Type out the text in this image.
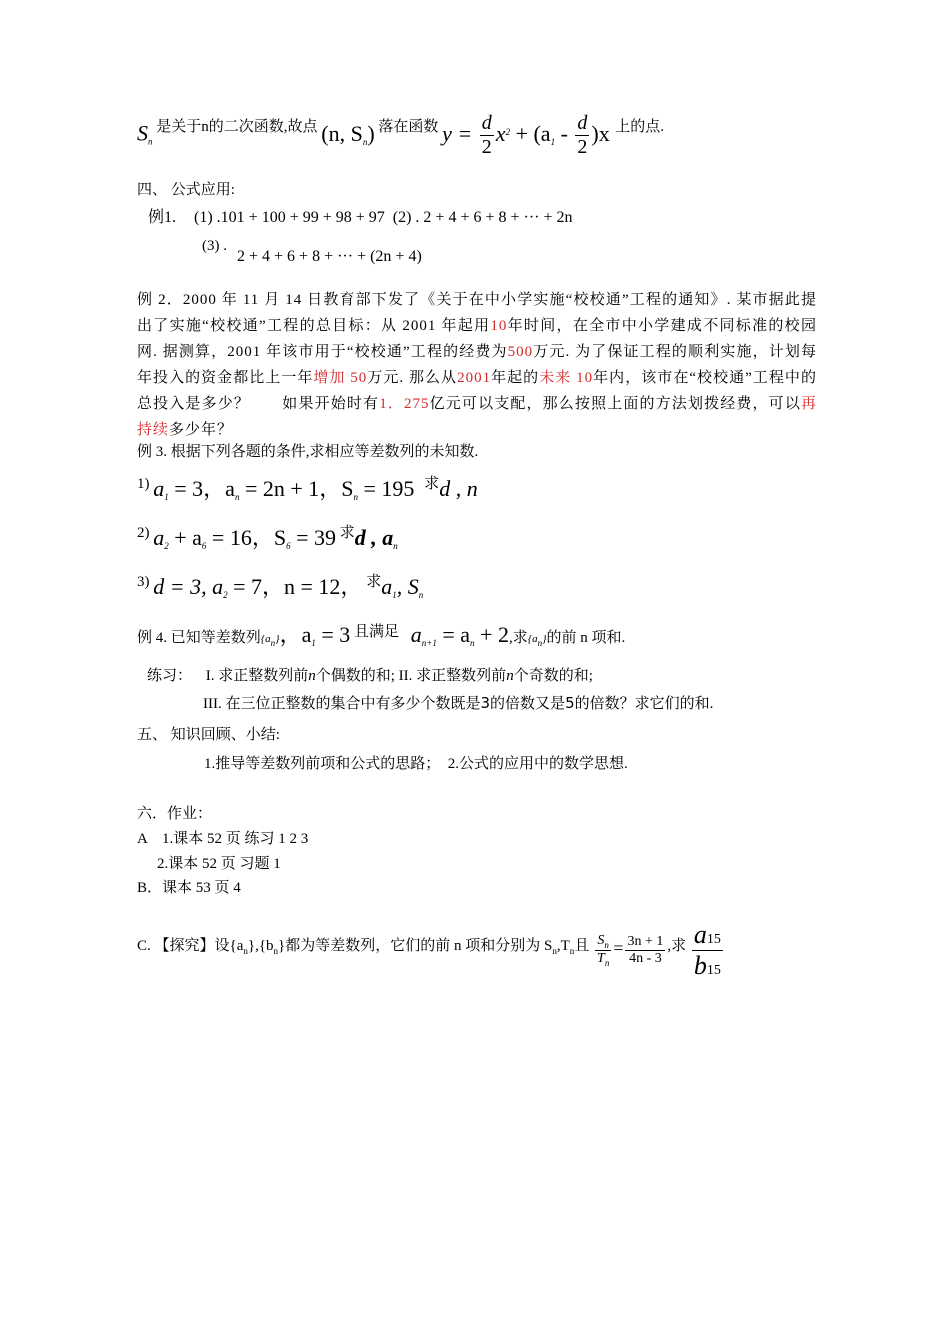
$S_n$ 是关于n的二次函数,故点 (n, $S_n$) 落在函数 $y = \frac{d}{2} x^2 + (a_1 - \frac{d}{2} )x$ 上的点.
四、 公式应用:
例1. (1) .101 + 100 + 99 + 98 + 97 (2) . 2 + 4 + 6 + 8 + ··· + 2n
(3) .
2 + 4 + 6 + 8 + ··· + (2n + 4)
例 2．2000 年 11 月 14 日教育部下发了《关于在中小学实施“校校通”工程的通知》. 某市据此提出了实施“校校通”工程的总目标：从 2001 年起用10年时间，在全市中小学建成不同标准的校园网. 据测算，2001 年该市用于“校校通”工程的经费为500万元. 为了保证工程的顺利实施，计划每年投入的资金都比上一年增加 50万元. 那么从2001年起的未来 10年内，该市在“校校通”工程中的总投入是多少？　　如果开始时有1．275亿元可以支配，那么按照上面的方法划拨经费，可以再持续多少年？
例 3. 根据下列各题的条件,求相应等差数列的未知数.
1) $a_1 = 3$，$a_n = 2n + 1$，$S_n = 195$ 求d , n
2) $a_2 + a_6 = 16$，$S_6 = 39$ 求d , $a_n$
3) d = 3, $a_2 = 7$，n = 12， 求$a_1$, $S_n$
例 4. 已知等差数列$\{a_n\}$，$a_1 = 3$ 且满足 $a_{n+1} = a_n + 2$,求$\{a_n\}$的前 n 项和.
练习： I. 求正整数列前n个偶数的和; II. 求正整数列前n个奇数的和;
III. 在三位正整数的集合中有多少个数既是3的倍数又是5的倍数？求它们的和.
五、 知识回顾、小结:
1.推导等差数列前项和公式的思路；　2.公式的应用中的数学思想.
六．作业：
A　1.课本 52 页 练习 1 2 3
2.课本 52 页 习题 1
B．课本 53 页 4
C. 【探究】设$\{a_n\},\{b_n\}$都为等差数列，它们的前 n 项和分别为 $S_n,T_n$且 $\frac{S_n}{T_n} = \frac{3n + 1}{4n - 3}$ ,求 $\frac{a15}{b15}$
